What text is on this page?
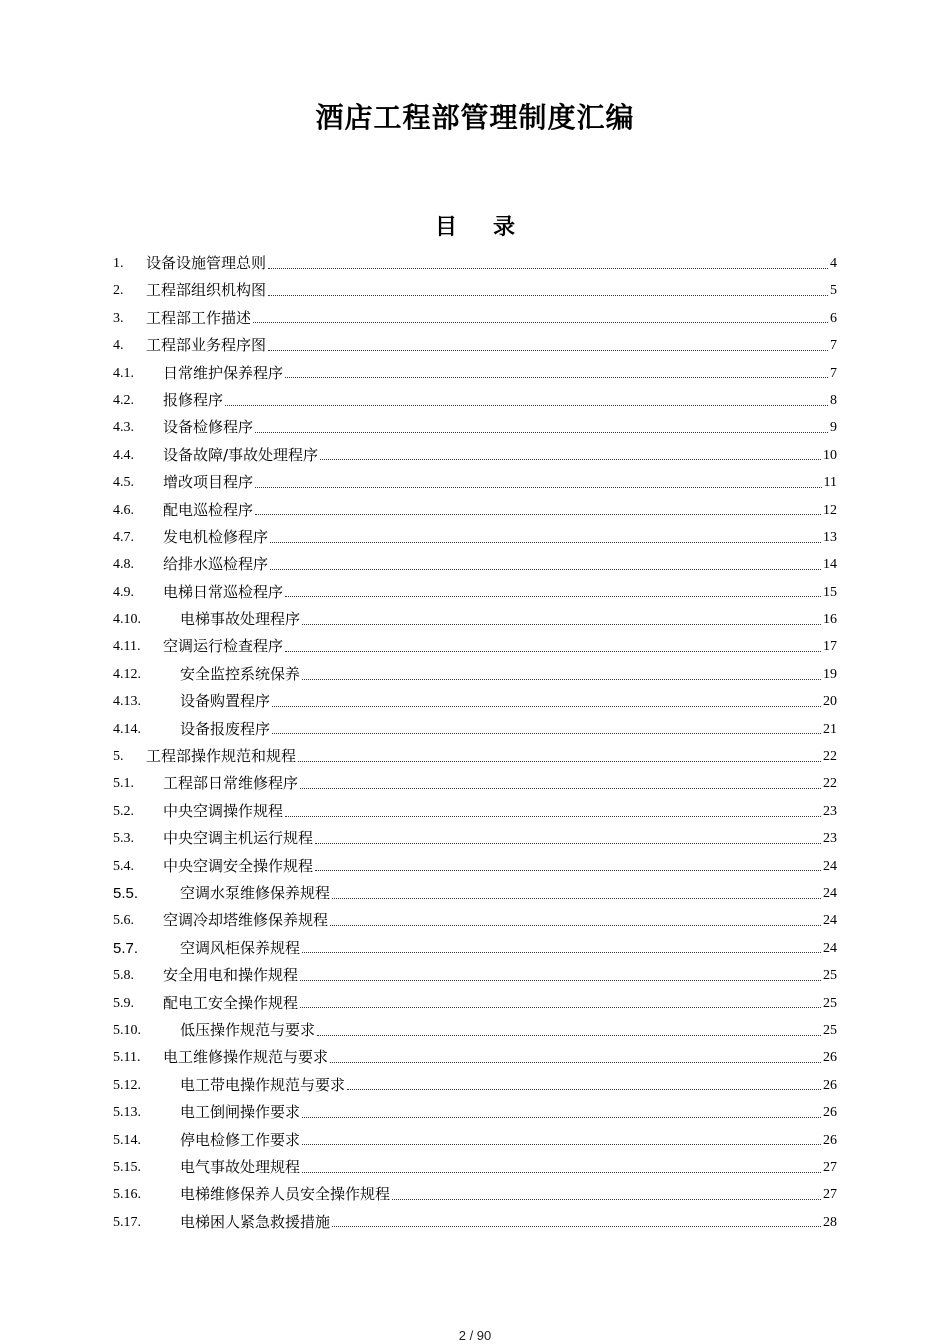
酒店工程部管理制度汇编
目 录
1.	设备设施管理总则	4
2.	工程部组织机构图	5
3.	工程部工作描述	6
4.	工程部业务程序图	7
4.1.	日常维护保养程序	7
4.2.	报修程序	8
4.3.	设备检修程序	9
4.4.	设备故障/事故处理程序	10
4.5.	增改项目程序	11
4.6.	配电巡检程序	12
4.7.	发电机检修程序	13
4.8.	给排水巡检程序	14
4.9.	电梯日常巡检程序	15
4.10.	电梯事故处理程序	16
4.11.	空调运行检查程序	17
4.12.	安全监控系统保养	19
4.13.	设备购置程序	20
4.14.	设备报废程序	21
5.	工程部操作规范和规程	22
5.1.	工程部日常维修程序	22
5.2.	中央空调操作规程	23
5.3.	中央空调主机运行规程	23
5.4.	中央空调安全操作规程	24
5.5.	空调水泵维修保养规程	24
5.6.	空调冷却塔维修保养规程	24
5.7.	空调风柜保养规程	24
5.8.	安全用电和操作规程	25
5.9.	配电工安全操作规程	25
5.10.	低压操作规范与要求	25
5.11.	电工维修操作规范与要求	26
5.12.	电工带电操作规范与要求	26
5.13.	电工倒闸操作要求	26
5.14.	停电检修工作要求	26
5.15.	电气事故处理规程	27
5.16.	电梯维修保养人员安全操作规程	27
5.17.	电梯困人紧急救援措施	28
2 / 90
